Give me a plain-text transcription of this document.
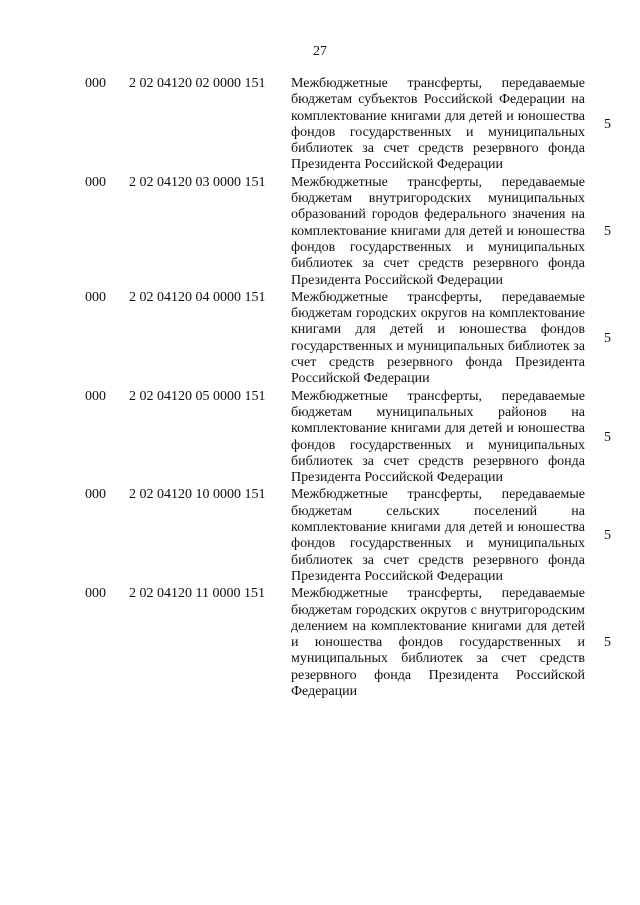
27
000 2 02 04120 02 0000 151 Межбюджетные трансферты, передаваемые бюджетам субъектов Российской Федерации на комплектование книгами для детей и юношества фондов государственных и муниципальных библиотек за счет средств резервного фонда Президента Российской Федерации
5
000 2 02 04120 03 0000 151 Межбюджетные трансферты, передаваемые бюджетам внутригородских муниципальных образований городов федерального значения на комплектование книгами для детей и юношества фондов государственных и муниципальных библиотек за счет средств резервного фонда Президента Российской Федерации
5
000 2 02 04120 04 0000 151 Межбюджетные трансферты, передаваемые бюджетам городских округов на комплектование книгами для детей и юношества фондов государственных и муниципальных библиотек за счет средств резервного фонда Президента Российской Федерации
5
000 2 02 04120 05 0000 151 Межбюджетные трансферты, передаваемые бюджетам муниципальных районов на комплектование книгами для детей и юношества фондов государственных и муниципальных библиотек за счет средств резервного фонда Президента Российской Федерации
5
000 2 02 04120 10 0000 151 Межбюджетные трансферты, передаваемые бюджетам сельских поселений на комплектование книгами для детей и юношества фондов государственных и муниципальных библиотек за счет средств резервного фонда Президента Российской Федерации
5
000 2 02 04120 11 0000 151 Межбюджетные трансферты, передаваемые бюджетам городских округов с внутригородским делением на комплектование книгами для детей и юношества фондов государственных и муниципальных библиотек за счет средств резервного фонда Президента Российской Федерации
5
